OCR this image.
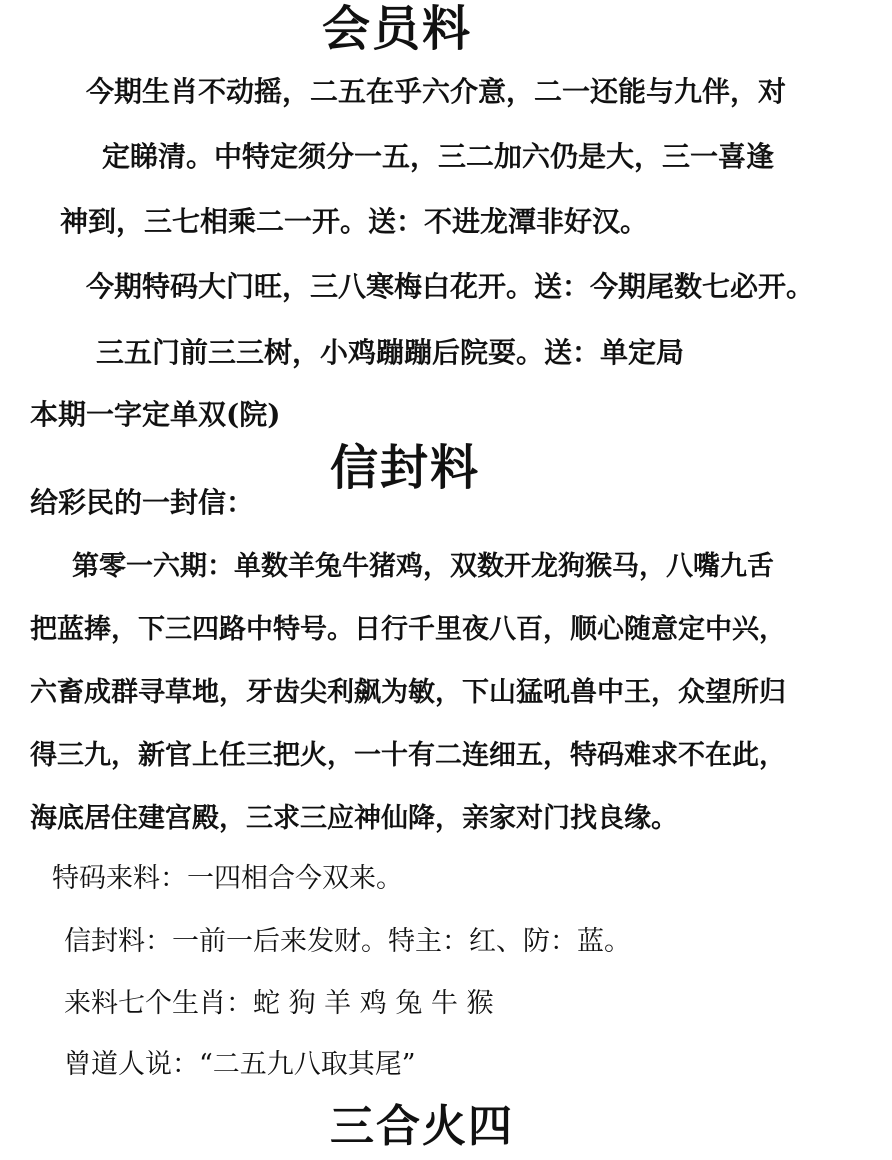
会员料
今期生肖不动摇，二五在乎六介意，二一还能与九伴，对
定睇清。中特定须分一五，三二加六仍是大，三一喜逢
神到，三七相乘二一开。送：不进龙潭非好汉。
今期特码大门旺，三八寒梅白花开。送：今期尾数七必开。
三五门前三三树，小鸡蹦蹦后院耍。送：单定局
本期一字定单双(院)
信封料
给彩民的一封信：
第零一六期：单数羊兔牛猪鸡，双数开龙狗猴马，八嘴九舌
把蓝捧，下三四路中特号。日行千里夜八百，顺心随意定中兴，
六畜成群寻草地，牙齿尖利飙为敏，下山猛吼兽中王，众望所归
得三九，新官上任三把火，一十有二连细五，特码难求不在此，
海底居住建宫殿，三求三应神仙降，亲家对门找良缘。
特码来料：一四相合今双来。
信封料：一前一后来发财。特主：红、防：蓝。
来料七个生肖：蛇 狗 羊 鸡 兔 牛 猴
曾道人说：“二五九八取其尾”
三合火四
